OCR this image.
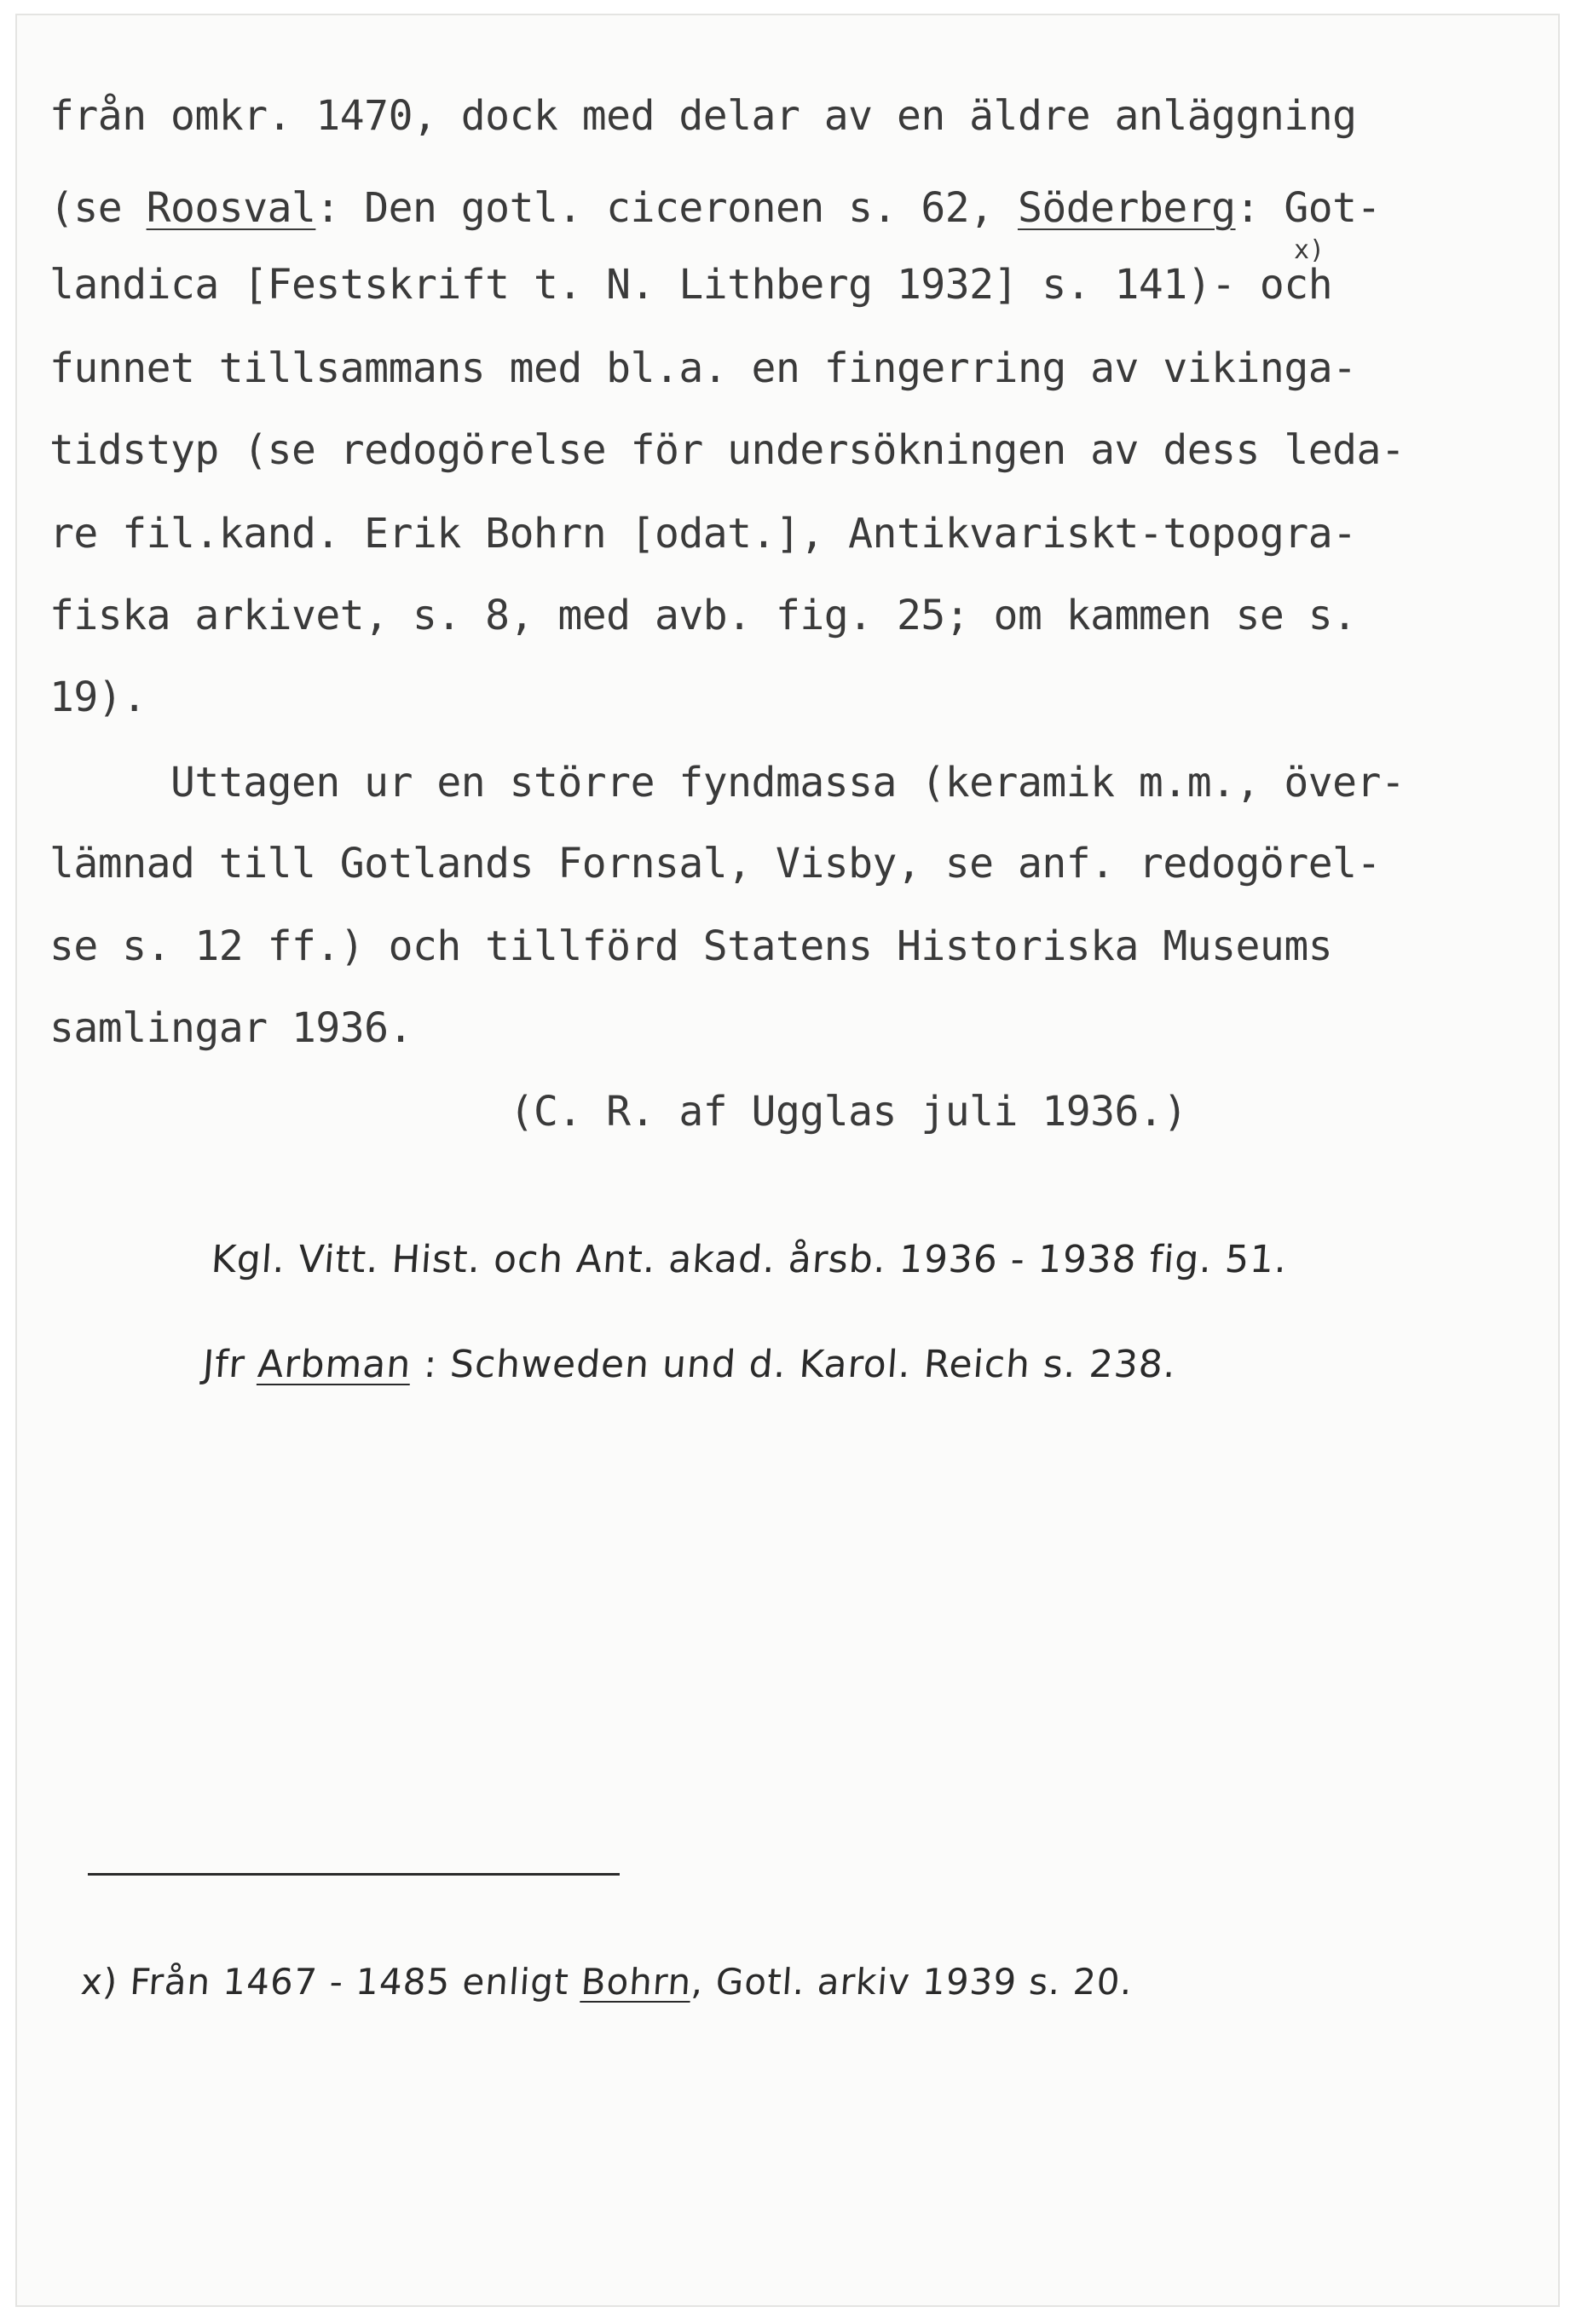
från omkr. 1470, dock med delar av en äldre anläggning

(se Roosval: Den gotl. ciceronen s. 62, Söderberg: Got-

x)

landica [Festskrift t. N. Lithberg 1932] s. 141)- och

funnet tillsammans med bl.a. en fingerring av vikinga-

tidstyp (se redogörelse för undersökningen av dess leda-

re fil.kand. Erik Bohrn [odat.], Antikvariskt-topogra-

fiska arkivet, s. 8, med avb. fig. 25; om kammen se s.

19).

Uttagen ur en större fyndmassa (keramik m.m., över-

lämnad till Gotlands Fornsal, Visby, se anf. redogörel-

se s. 12 ff.) och tillförd Statens Historiska Museums

samlingar 1936.

(C. R. af Ugglas juli 1936.)

Kgl. Vitt. Hist. och Ant. akad. årsb. 1936 - 1938 fig. 51.
Jfr Arbman : Schweden und d. Karol. Reich s. 238.
x) Från 1467 - 1485 enligt Bohrn, Gotl. arkiv 1939 s. 20.
